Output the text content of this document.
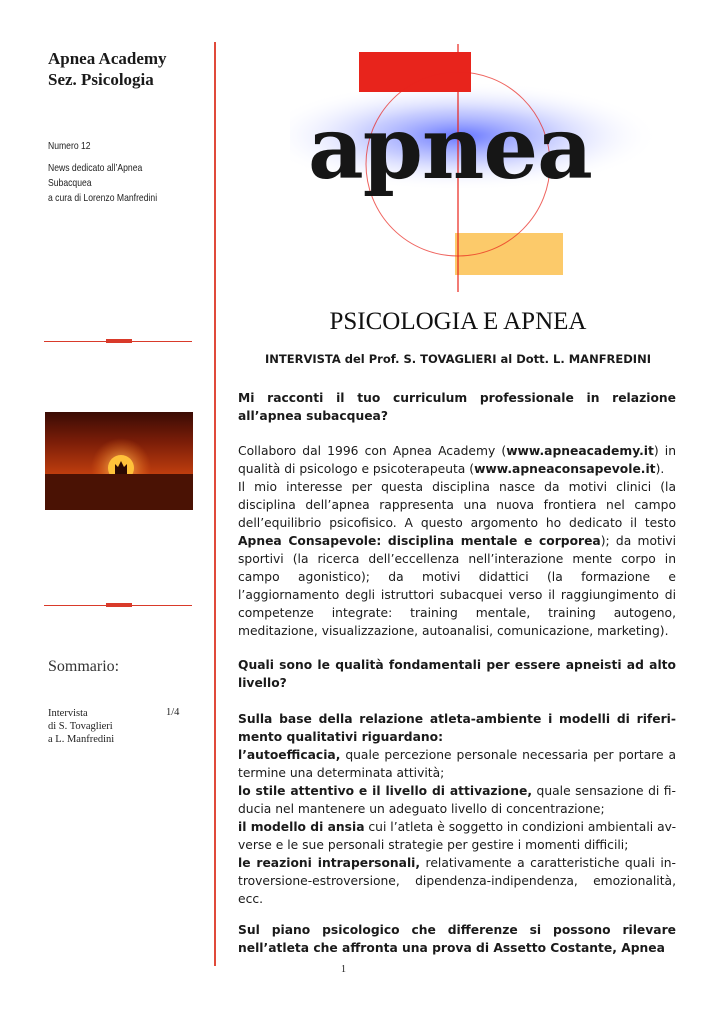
Apnea Academy
Sez. Psicologia
Numero 12
News dedicato all’Apnea
Subacquea
a cura di Lorenzo Manfredini
Sommario:
Intervista
di S. Tovaglieri
a L. Manfredini
1/4
apnea
PSICOLOGIA E APNEA
INTERVISTA del Prof. S. TOVAGLIERI al Dott. L. MANFREDINI
Mi racconti il tuo curriculum professionale in relazione all’apnea subacquea?
Collaboro dal 1996 con Apnea Academy (www.apneacademy.it) in qualità di psicologo e psicoterapeuta (www.apneaconsapevole.it).
Il mio interesse per questa disciplina nasce da motivi clinici (la disciplina dell’apnea rappresenta una nuova frontiera nel campo dell’equilibrio psicofisico. A questo argomento ho dedicato il testo Apnea Consapevole: disciplina mentale e corporea); da motivi sportivi (la ricerca dell’eccellenza nell’interazione mente corpo in campo agonistico); da motivi didattici (la formazione e l’aggiornamento degli istruttori subacquei verso il raggiungimento di competenze integrate: training mentale, training autogeno, meditazione, visualizzazione, autoanalisi, comunicazione, marketing).
Quali sono le qualità fondamentali per essere apneisti ad alto livello?
Sulla base della relazione atleta-ambiente i modelli di riferi-mento qualitativi riguardano:
l’autoefficacia, quale percezione personale necessaria per portare a termine una determinata attività;
lo stile attentivo e il livello di attivazione, quale sensazione di fi-ducia nel mantenere un adeguato livello di concentrazione;
il modello di ansia cui l’atleta è soggetto in condizioni ambientali av-verse e le sue personali strategie per gestire i momenti difficili;
le reazioni intrapersonali, relativamente a caratteristiche quali in-troversione-estroversione, dipendenza-indipendenza, emozionalità, ecc.
Sul piano psicologico che differenze si possono rilevare nell’atleta che affronta una prova di Assetto Costante, Apnea
1
